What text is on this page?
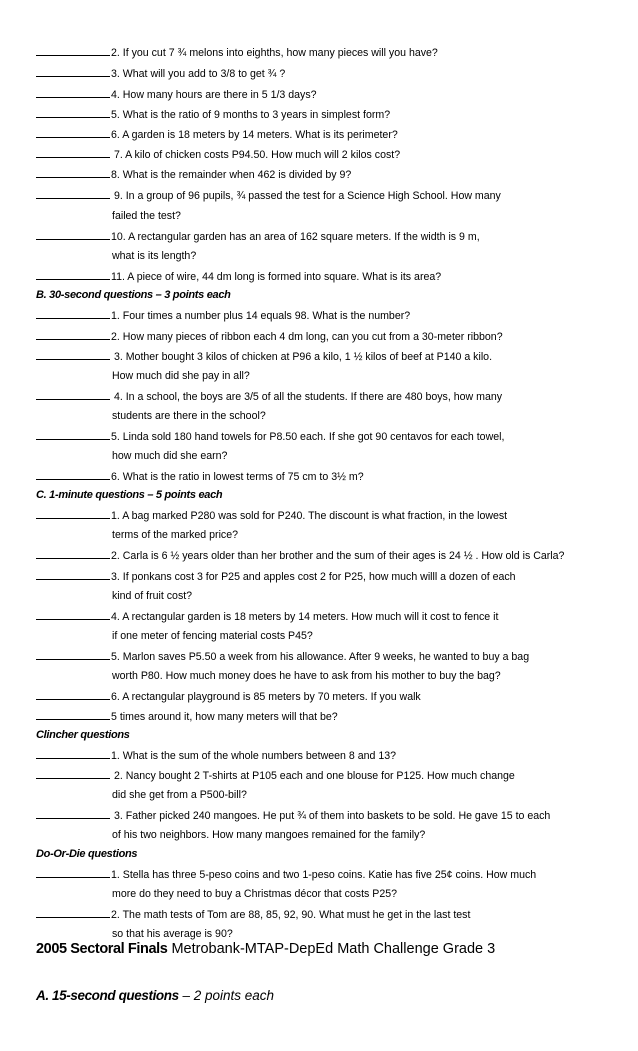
2. If you cut 7 ¾ melons into eighths, how many pieces will you have?
3. What will you add to 3/8 to get ¾ ?
4. How many hours are there in 5 1/3 days?
5. What is the ratio of 9 months to 3 years in simplest form?
6. A garden is 18 meters by 14 meters. What is its perimeter?
7. A kilo of chicken costs P94.50. How much will 2 kilos cost?
8. What is the remainder when 462 is divided by 9?
9. In a group of 96 pupils, ¾ passed the test for a Science High School. How many
failed the test?
10. A rectangular garden has an area of 162 square meters. If the width is 9 m,
what is its length?
11. A piece of wire, 44 dm long is formed into square. What is its area?
B. 30-second questions – 3 points each
1. Four times a number plus 14 equals 98. What is the number?
2. How many pieces of ribbon each 4 dm long, can you cut from a 30-meter ribbon?
3. Mother bought 3 kilos of chicken at P96 a kilo, 1 ½ kilos of beef at P140 a kilo.
How much did she pay in all?
4. In a school, the boys are 3/5 of all the students. If there are 480 boys, how many
students are there in the school?
5. Linda sold 180 hand towels for P8.50 each. If she got 90 centavos for each towel,
how much did she earn?
6. What is the ratio in lowest terms of 75 cm to 3½ m?
C. 1-minute questions – 5 points each
1. A bag marked P280 was sold for P240. The discount is what fraction, in the lowest
terms of the marked price?
2. Carla is 6 ½ years older than her brother and the sum of their ages is 24 ½ . How old is Carla?
3. If ponkans cost 3 for P25 and apples cost 2 for P25, how much willl a dozen of each
kind of fruit cost?
4. A rectangular garden is 18 meters by 14 meters. How much will it cost to fence it
if one meter of fencing material costs P45?
5. Marlon saves P5.50 a week from his allowance. After 9 weeks, he wanted to buy a bag
worth P80. How much money does he have to ask from his mother to buy the bag?
6. A rectangular playground is 85 meters by 70 meters. If you walk
5 times around it, how many meters will that be?
Clincher questions
1. What is the sum of the whole numbers between 8 and 13?
2. Nancy bought 2 T-shirts at P105 each and one blouse for P125. How much change
did she get from a P500-bill?
3. Father picked 240 mangoes. He put ¾ of them into baskets to be sold. He gave 15 to each
of his two neighbors. How many mangoes remained for the family?
Do-Or-Die questions
1. Stella has three 5-peso coins and two 1-peso coins. Katie has five 25¢ coins. How much
more do they need to buy a Christmas décor that costs P25?
2. The math tests of Tom are 88, 85, 92, 90. What must he get in the last test
so that his average is 90?
2005 Sectoral Finals Metrobank-MTAP-DepEd Math Challenge Grade 3
A. 15-second questions – 2 points each
